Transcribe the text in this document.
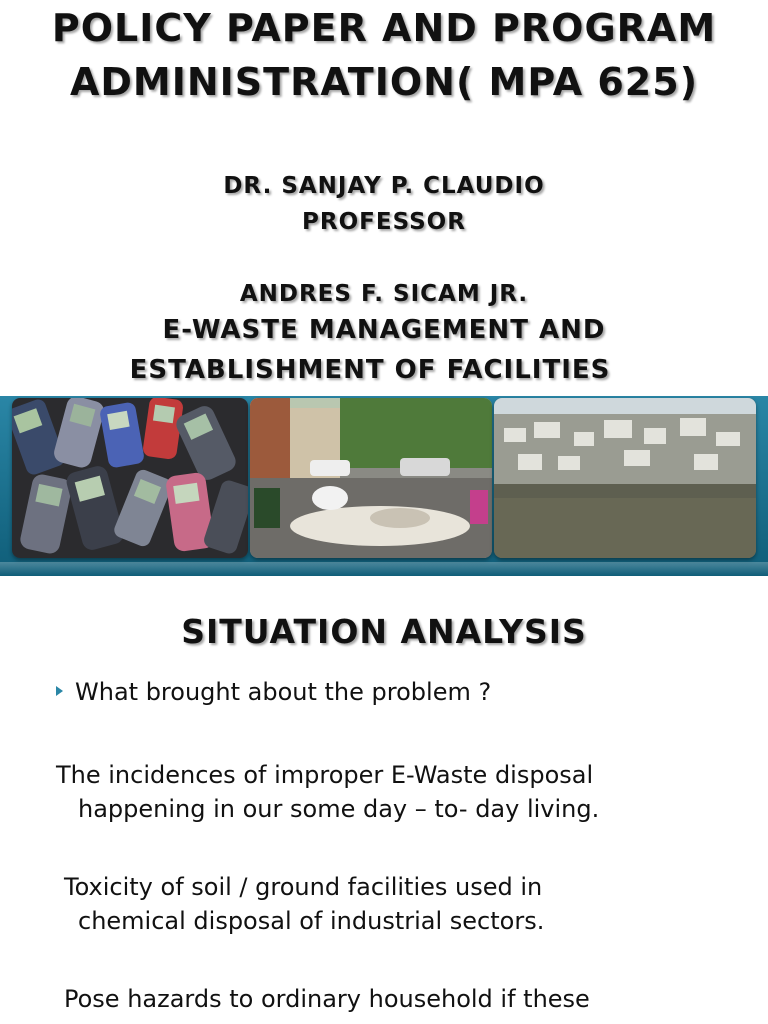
POLICY PAPER AND PROGRAM
ADMINISTRATION( MPA 625)
DR. SANJAY P. CLAUDIO
PROFESSOR
ANDRES F. SICAM JR.
E-WASTE MANAGEMENT AND
ESTABLISHMENT OF FACILITIES
SITUATION ANALYSIS
What brought about the problem ?
The incidences of improper E-Waste disposal
happening in our some day – to- day living.
Toxicity of soil / ground facilities used in
chemical disposal of industrial sectors.
Pose hazards to ordinary household if these
